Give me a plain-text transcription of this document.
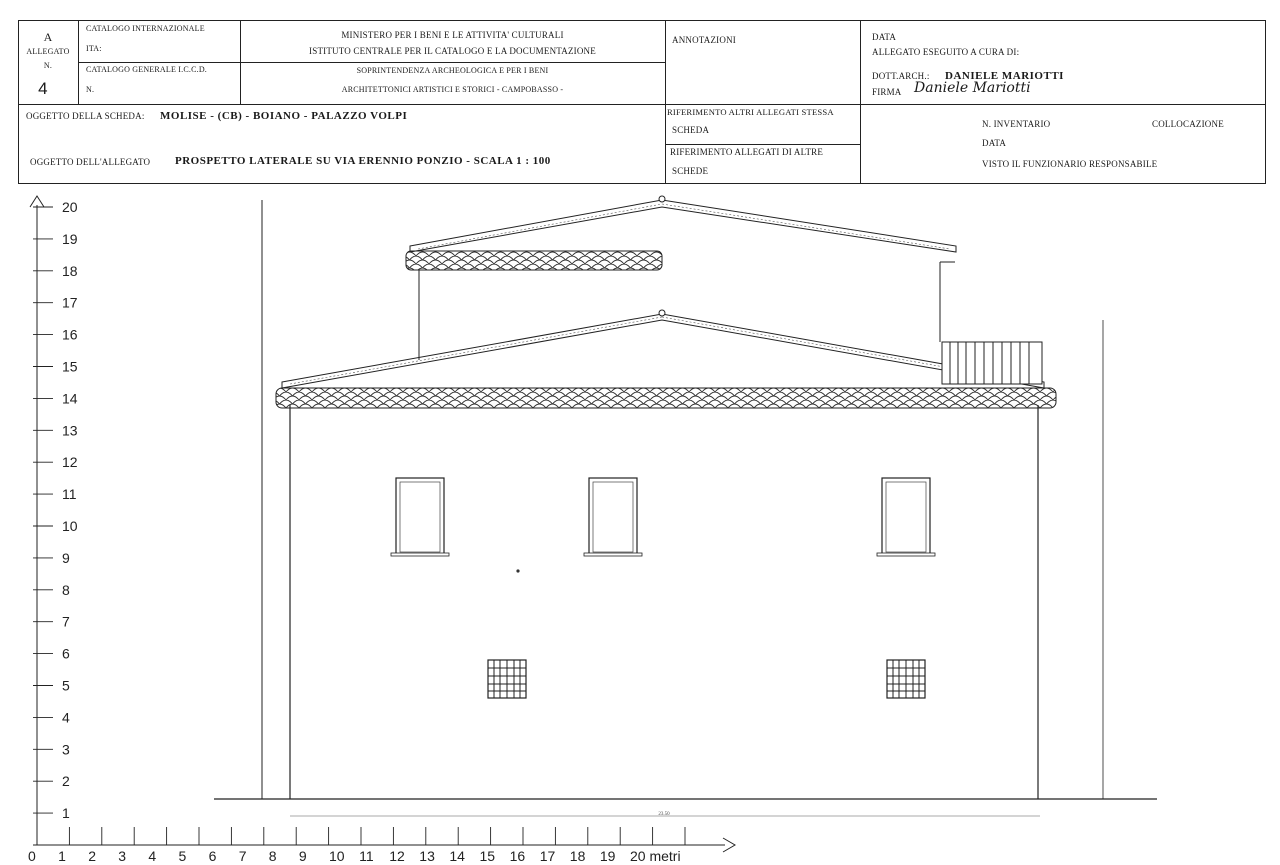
A
ALLEGATO
N.
4
CATALOGO INTERNAZIONALE
ITA:
CATALOGO GENERALE I.C.C.D.
N.
MINISTERO PER I BENI E LE ATTIVITA' CULTURALI
ISTITUTO CENTRALE PER IL CATALOGO E LA DOCUMENTAZIONE
SOPRINTENDENZA ARCHEOLOGICA E PER I BENI
ARCHITETTONICI ARTISTICI E STORICI - CAMPOBASSO -
ANNOTAZIONI	DATA
ALLEGATO ESEGUITO A CURA DI:
DOTT.ARCH.: DANIELE MARIOTTI
FIRMA Daniele Mariotti
OGGETTO DELLA SCHEDA: MOLISE - (CB) - BOIANO - PALAZZO VOLPI
OGGETTO DELL'ALLEGATO PROSPETTO LATERALE SU VIA ERENNIO PONZIO - SCALA 1 : 100
RIFERIMENTO ALTRI ALLEGATI STESSA
SCHEDA
RIFERIMENTO ALLEGATI DI ALTRE
SCHEDE
N. INVENTARIO	COLLOCAZIONE
DATA
VISTO IL FUNZIONARIO RESPONSABILE
1
2
3
4
5
6
7
8
9
10
11
12
13
14
15
16
17
18
19
20
0 1 2 3 4 5 6 7 8 9 10 11 12 13 14 15 16 17 18 19 20 metri
23.50
